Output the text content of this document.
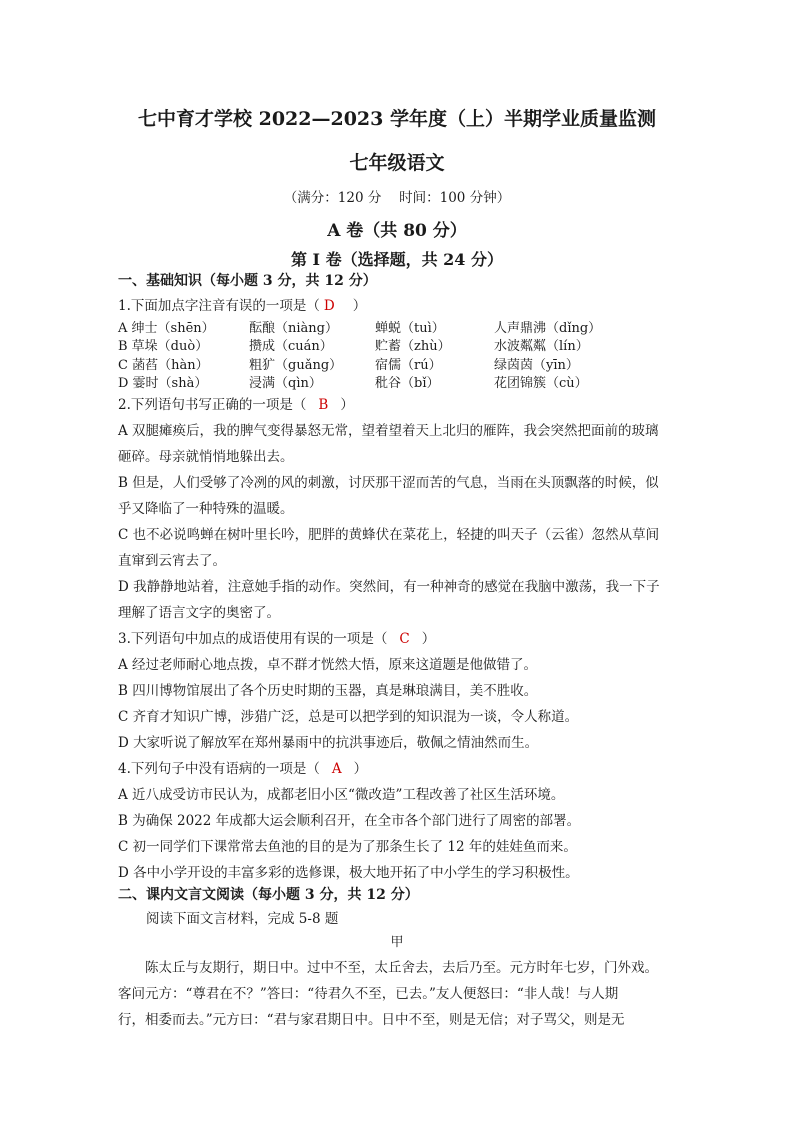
七中育才学校 2022—2023 学年度（上）半期学业质量监测
七年级语文
（满分：120 分　 时间：100 分钟）
A 卷（共 80 分）
第 I 卷（选择题，共 24 分）
一、基础知识（每小题 3 分，共 12 分）
1.下面加点字注音有误的一项是（ D ）
A 绅士（shēn）	酝酿（niàng）	蝉蜕（tuì）	人声鼎沸（dǐng）
B 草垛（duò）	攒成（cuán）	贮蓄（zhù）	水波粼粼（lín）
C 菡萏（hàn）	粗犷（guǎng）	宿儒（rú）	绿茵茵（yīn）
D 霎时（shà）	浸满（qìn）	秕谷（bǐ）	花团锦簇（cù）
2.下列语句书写正确的一项是（ B ）
A 双腿瘫痪后，我的脾气变得暴怒无常，望着望着天上北归的雁阵，我会突然把面前的玻璃
砸碎。母亲就悄悄地躲出去。
B 但是，人们受够了冷冽的风的刺激，讨厌那干涩而苦的气息，当雨在头顶飘落的时候，似
乎又降临了一种特殊的温暖。
C 也不必说鸣蝉在树叶里长吟，肥胖的黄蜂伏在菜花上，轻捷的叫天子（云雀）忽然从草间
直窜到云宵去了。
D 我静静地站着，注意她手指的动作。突然间，有一种神奇的感觉在我脑中激荡，我一下子
理解了语言文字的奥密了。
3.下列语句中加点的成语使用有误的一项是（ C ）
A 经过老师耐心地点拨，卓不群才恍然大悟，原来这道题是他做错了。
B 四川博物馆展出了各个历史时期的玉器，真是琳琅满目，美不胜收。
C 齐育才知识广博，涉猎广泛，总是可以把学到的知识混为一谈，令人称道。
D 大家听说了解放军在郑州暴雨中的抗洪事迹后，敬佩之情油然而生。
4.下列句子中没有语病的一项是（ A ）
A 近八成受访市民认为，成都老旧小区“微改造”工程改善了社区生活环境。
B 为确保 2022 年成都大运会顺利召开，在全市各个部门进行了周密的部署。
C 初一同学们下课常常去鱼池的目的是为了那条生长了 12 年的娃娃鱼而来。
D 各中小学开设的丰富多彩的选修课，极大地开拓了中小学生的学习积极性。
二、课内文言文阅读（每小题 3 分，共 12 分）
阅读下面文言材料，完成 5-8 题
甲
　　陈太丘与友期行，期日中。过中不至，太丘舍去，去后乃至。元方时年七岁，门外戏。
客问元方：“尊君在不？”答曰：“待君久不至，已去。”友人便怒曰：“非人哉！与人期
行，相委而去。”元方曰：“君与家君期日中。日中不至，则是无信；对子骂父，则是无
